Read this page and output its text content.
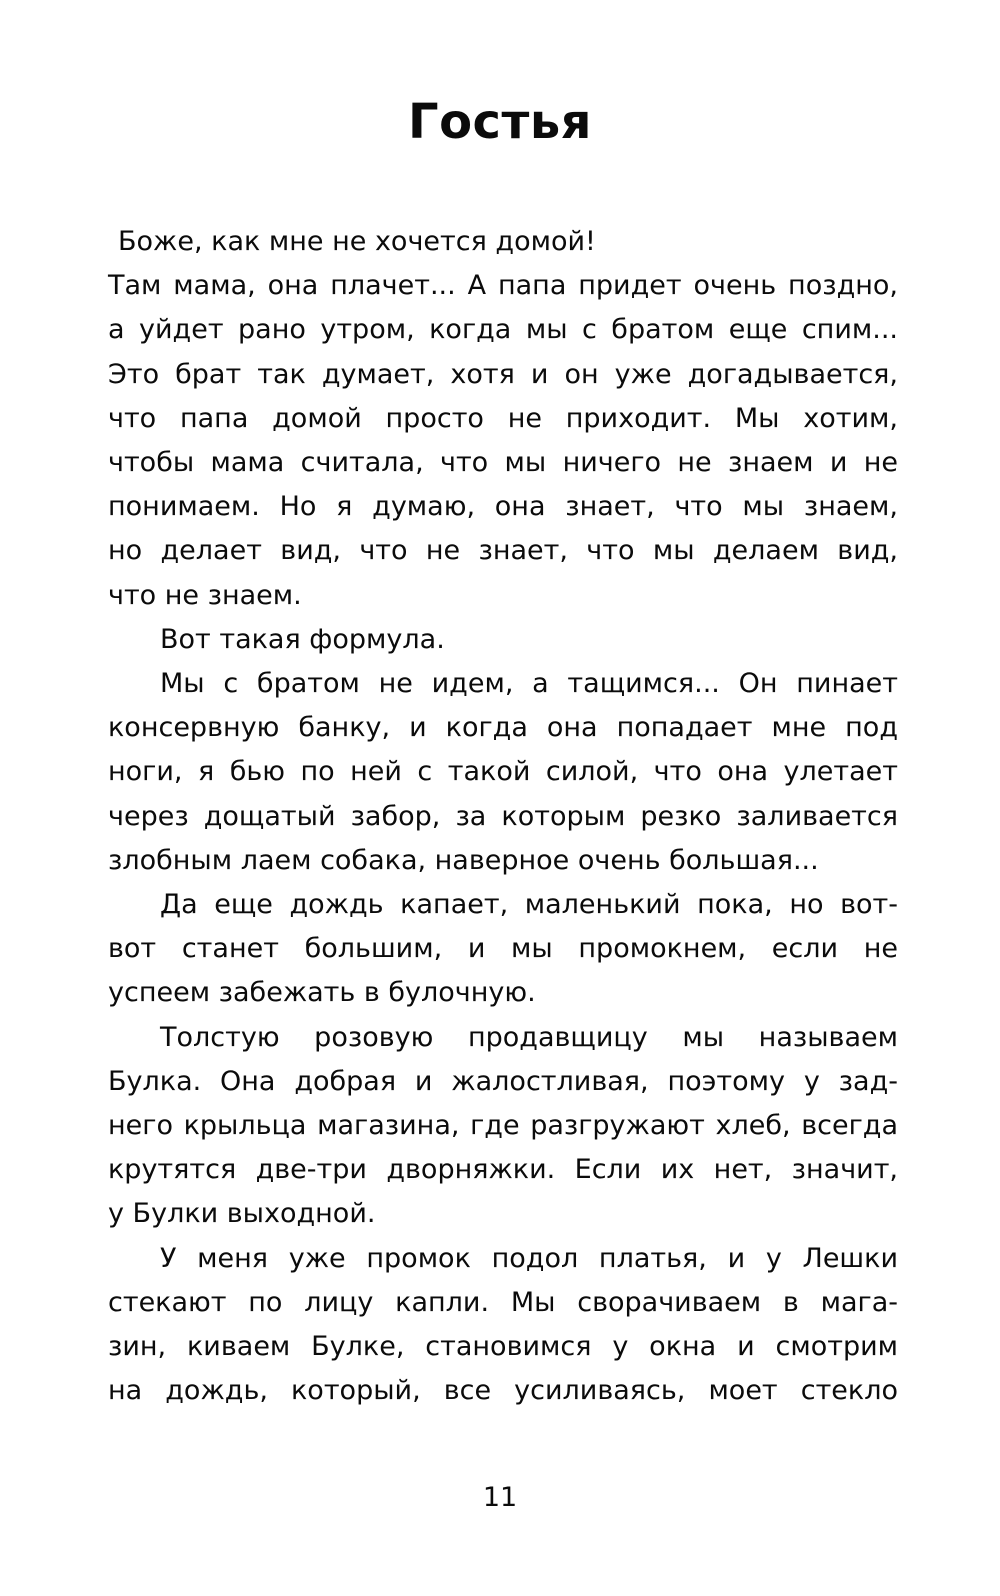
Гостья
Боже, как мне не хочется домой!
Там мама, она плачет... А папа придет очень поздно,
а уйдет рано утром, когда мы с братом еще спим...
Это брат так думает, хотя и он уже догадывается,
что папа домой просто не приходит. Мы хотим,
чтобы мама считала, что мы ничего не знаем и не
понимаем. Но я думаю, она знает, что мы знаем,
но делает вид, что не знает, что мы делаем вид,
что не знаем.
Вот такая формула.
Мы с братом не идем, а тащимся... Он пинает
консервную банку, и когда она попадает мне под
ноги, я бью по ней с такой силой, что она улетает
через дощатый забор, за которым резко заливается
злобным лаем собака, наверное очень большая...
Да еще дождь капает, маленький пока, но вот-
вот станет большим, и мы промокнем, если не
успеем забежать в булочную.
Толстую розовую продавщицу мы называем
Булка. Она добрая и жалостливая, поэтому у зад-
него крыльца магазина, где разгружают хлеб, всегда
крутятся две-три дворняжки. Если их нет, значит,
у Булки выходной.
У меня уже промок подол платья, и у Лешки
стекают по лицу капли. Мы сворачиваем в мага-
зин, киваем Булке, становимся у окна и смотрим
на дождь, который, все усиливаясь, моет стекло
11
